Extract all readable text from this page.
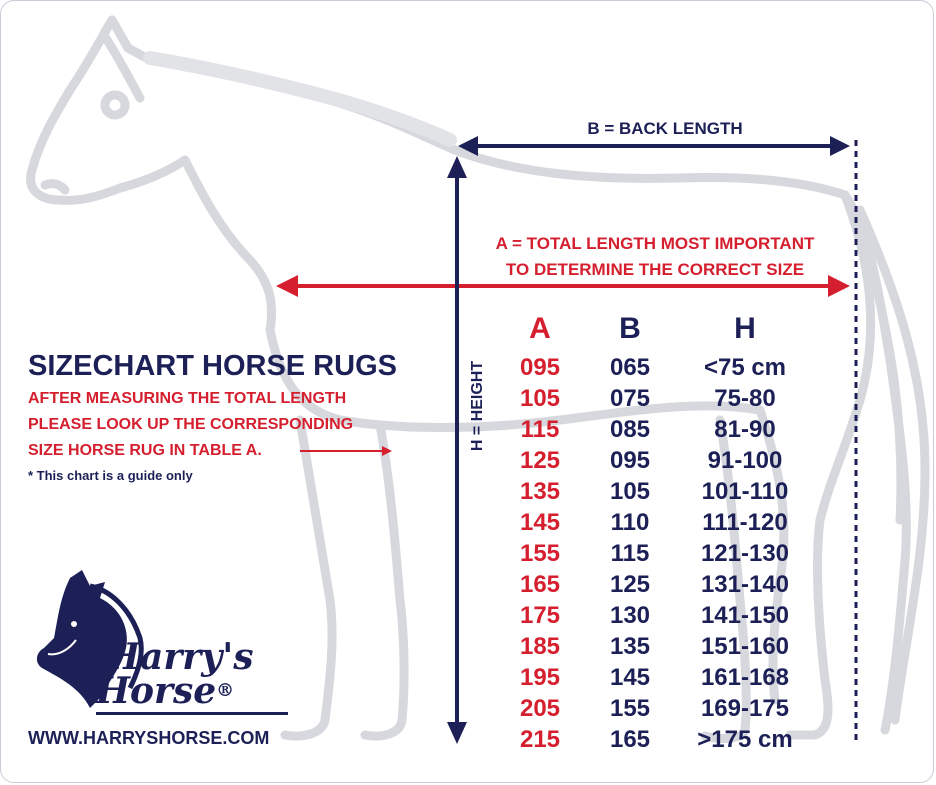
B = BACK LENGTH
A = TOTAL LENGTH MOST IMPORTANT
TO DETERMINE THE CORRECT SIZE
H = HEIGHT
SIZECHART HORSE RUGS
AFTER MEASURING THE TOTAL LENGTH
PLEASE LOOK UP THE CORRESPONDING
SIZE HORSE RUG IN TABLE A.
* This chart is a guide only
Harry's
Horse®
WWW.HARRYSHORSE.COM
A	B	H
095	065	<75 cm
105	075	75-80
115	085	81-90
125	095	91-100
135	105	101-110
145	110	111-120
155	115	121-130
165	125	131-140
175	130	141-150
185	135	151-160
195	145	161-168
205	155	169-175
215	165	>175 cm
